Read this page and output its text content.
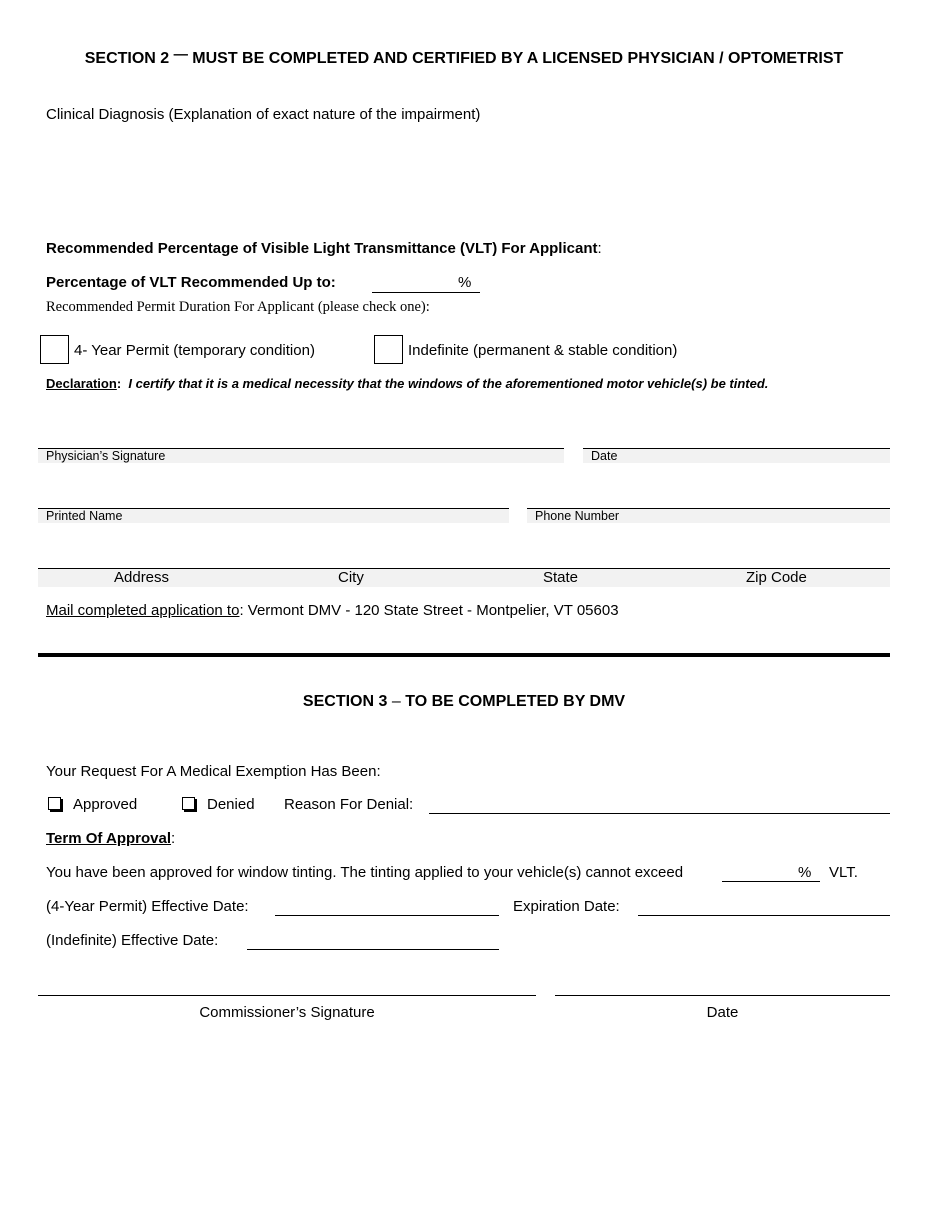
SECTION 2 ─ MUST BE COMPLETED AND CERTIFIED BY A LICENSED PHYSICIAN / OPTOMETRIST
Clinical Diagnosis (Explanation of exact nature of the impairment)
Recommended Percentage of Visible Light Transmittance (VLT) For Applicant:
Percentage of VLT Recommended Up to:	%
Recommended Permit Duration For Applicant (please check one):
4- Year Permit (temporary condition)	Indefinite (permanent & stable condition)
Declaration: I certify that it is a medical necessity that the windows of the aforementioned motor vehicle(s) be tinted.
Physician’s Signature	Date
Printed Name	Phone Number
Address	City	State	Zip Code
Mail completed application to: Vermont DMV - 120 State Street - Montpelier, VT 05603
SECTION 3 – TO BE COMPLETED BY DMV
Your Request For A Medical Exemption Has Been:
Approved	Denied Reason For Denial:
Term Of Approval:
You have been approved for window tinting. The tinting applied to your vehicle(s) cannot exceed	% VLT.
(4-Year Permit) Effective Date:	Expiration Date:
(Indefinite) Effective Date:
Commissioner’s Signature	Date
